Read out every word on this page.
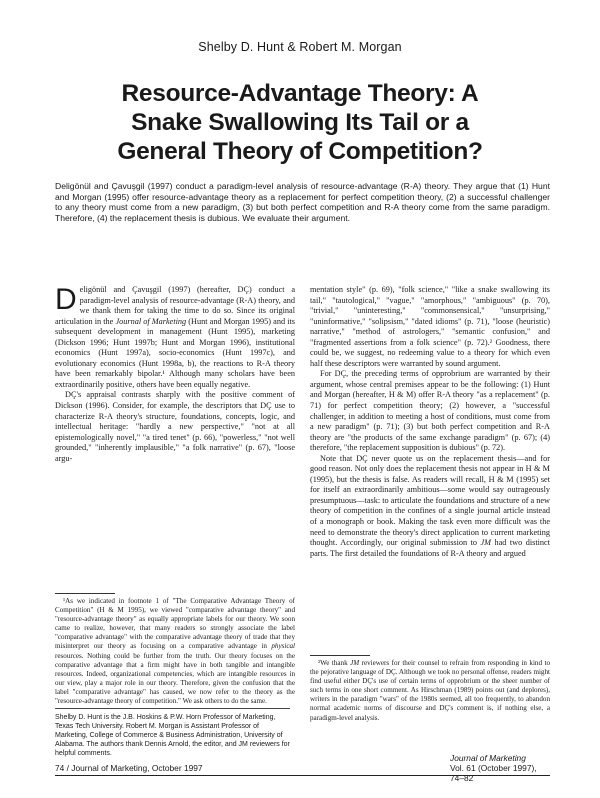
Shelby D. Hunt & Robert M. Morgan
Resource-Advantage Theory: A
Snake Swallowing Its Tail or a
General Theory of Competition?
Deligönül and Çavuşgil (1997) conduct a paradigm-level analysis of resource-advantage (R-A) theory. They argue that (1) Hunt and Morgan (1995) offer resource-advantage theory as a replacement for perfect competition theory, (2) a successful challenger to any theory must come from a new paradigm, (3) but both perfect competition and R-A theory come from the same paradigm. Therefore, (4) the replacement thesis is dubious. We evaluate their argument.

Deligönül and Çavuşgil (1997) (hereafter, DÇ) conduct a paradigm-level analysis of resource-advantage (R-A) theory, and we thank them for taking the time to do so. Since its original articulation in the Journal of Marketing (Hunt and Morgan 1995) and its subsequent development in management (Hunt 1995), marketing (Dickson 1996; Hunt 1997b; Hunt and Morgan 1996), institutional economics (Hunt 1997a), socio-economics (Hunt 1997c), and evolutionary economics (Hunt 1998a, b), the reactions to R-A theory have been remarkably bipolar.¹ Although many scholars have been extraordinarily positive, others have been equally negative.

DÇ's appraisal contrasts sharply with the positive comment of Dickson (1996). Consider, for example, the descriptors that DÇ use to characterize R-A theory's structure, foundations, concepts, logic, and intellectual heritage: "hardly a new perspective," "not at all epistemologically novel," "a tired tenet" (p. 66), "powerless," "not well grounded," "inherently implausible," "a folk narrative" (p. 67), "loose argu-

mentation style" (p. 69), "folk science," "like a snake swallowing its tail," "tautological," "vague," "amorphous," "ambiguous" (p. 70), "trivial," "uninteresting," "commonsensical," "unsurprising," "uninformative," "solipsism," "dated idioms" (p. 71), "loose (heuristic) narrative," "method of astrologers," "semantic confusion," and "fragmented assertions from a folk science" (p. 72).² Goodness, there could be, we suggest, no redeeming value to a theory for which even half these descriptors were warranted by sound argument.

For DÇ, the preceding terms of opprobrium are warranted by their argument, whose central premises appear to be the following: (1) Hunt and Morgan (hereafter, H & M) offer R-A theory "as a replacement" (p. 71) for perfect competition theory; (2) however, a "successful challenger, in addition to meeting a host of conditions, must come from a new paradigm" (p. 71); (3) but both perfect competition and R-A theory are "the products of the same exchange paradigm" (p. 67); (4) therefore, "the replacement supposition is dubious" (p. 72).

Note that DÇ never quote us on the replacement thesis—and for good reason. Not only does the replacement thesis not appear in H & M (1995), but the thesis is false. As readers will recall, H & M (1995) set for itself an extraordinarily ambitious—some would say outrageously presumptuous—task: to articulate the foundations and structure of a new theory of competition in the confines of a single journal article instead of a monograph or book. Making the task even more difficult was the need to demonstrate the theory's direct application to current marketing thought. Accordingly, our original submission to JM had two distinct parts. The first detailed the foundations of R-A theory and argued

¹As we indicated in footnote 1 of "The Comparative Advantage Theory of Competition" (H & M 1995), we viewed "comparative advantage theory" and "resource-advantage theory" as equally appropriate labels for our theory. We soon came to realize, however, that many readers so strongly associate the label "comparative advantage" with the comparative advantage theory of trade that they misinterpret our theory as focusing on a comparative advantage in physical resources. Nothing could be further from the truth. Our theory focuses on the comparative advantage that a firm might have in both tangible and intangible resources. Indeed, organizational competencies, which are intangible resources in our view, play a major role in our theory. Therefore, given the confusion that the label "comparative advantage" has caused, we now refer to the theory as the "resource-advantage theory of competition." We ask others to do the same.

²We thank JM reviewers for their counsel to refrain from responding in kind to the pejorative language of DÇ. Although we took no personal offense, readers might find useful either DÇ's use of certain terms of opprobrium or the sheer number of such terms in one short comment. As Hirschman (1989) points out (and deplores), writers in the paradigm "wars" of the 1980s seemed, all too frequently, to abandon normal academic norms of discourse and DÇ's comment is, if nothing else, a paradigm-level analysis.

Shelby D. Hunt is the J.B. Hoskins & P.W. Horn Professor of Marketing, Texas Tech University. Robert M. Morgan is Assistant Professor of Marketing, College of Commerce & Business Administration, University of Alabama. The authors thank Dennis Arnold, the editor, and JM reviewers for helpful comments.
74 / Journal of Marketing, October 1997
Journal of Marketing
Vol. 61 (October 1997), 74–82
